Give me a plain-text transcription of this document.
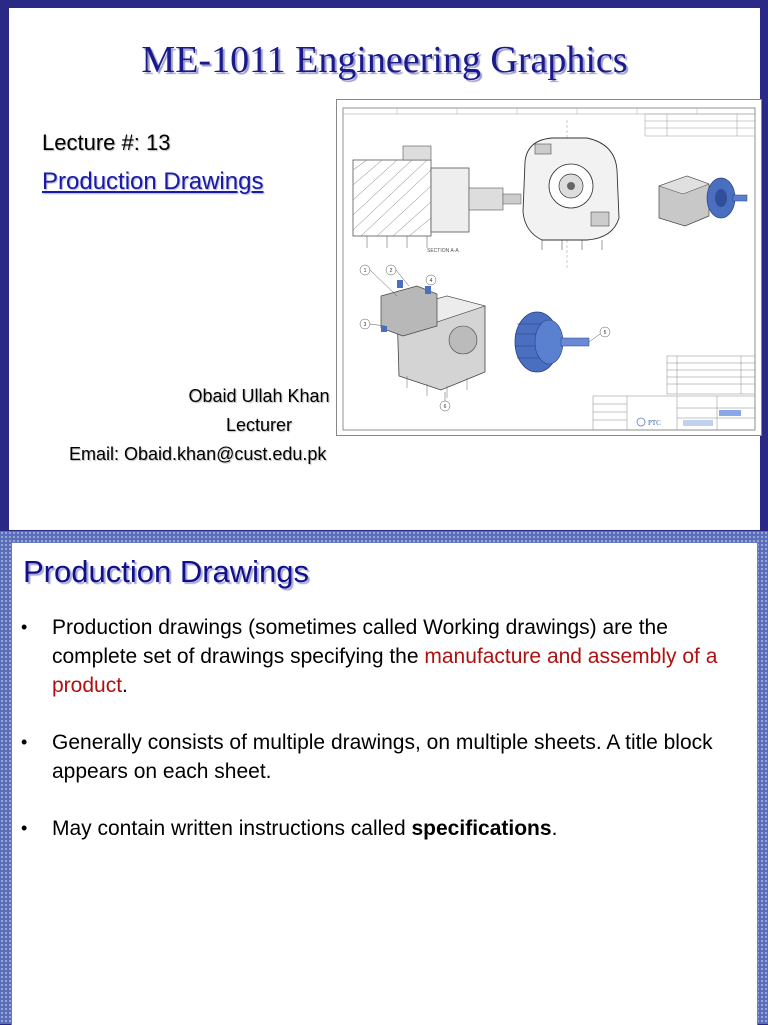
ME-1011 Engineering Graphics
Lecture #: 13
Production Drawings
Obaid Ullah Khan
Lecturer
Email: Obaid.khan@cust.edu.pk
SECTION A-A
1	2
3
4
5
6
PTC
Production Drawings
• Production drawings (sometimes called Working drawings) are the complete set of drawings specifying the manufacture and assembly of a product.
• Generally consists of multiple drawings, on multiple sheets. A title block appears on each sheet.
• May contain written instructions called specifications.
